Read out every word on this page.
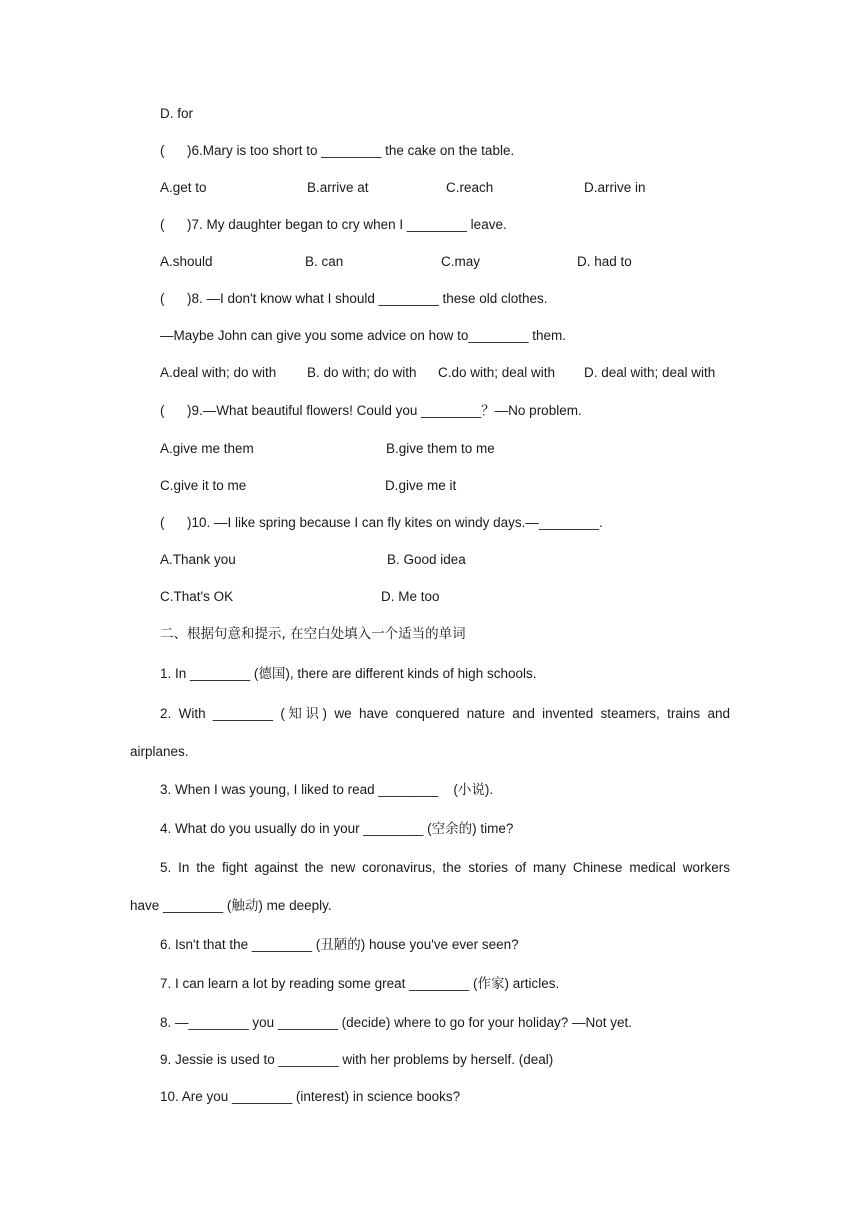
D. for
(      )6.Mary is too short to ________ the cake on the table.

A.get to

	B.arrive at

	C.reach

	D.arrive in

(      )7. My daughter began to cry when I ________ leave.

A.should

	B. can

	C.may

	D. had to

(      )8. —I don't know what I should ________ these old clothes.
—Maybe John can give you some advice on how to________ them.

A.deal with; do with

B. do with; do with

C.do with; deal with

D. deal with; deal with

(      )9.—What beautiful flowers! Could you ________？—No problem.

A.give me them

	B.give them to me

C.give it to me

	D.give me it

(      )10. —I like spring because I can fly kites on windy days.—________.

A.Thank you

	B. Good idea

C.That's OK

	D. Me too

二、根据句意和提示, 在空白处填入一个适当的单词
1. In ________ (德国), there are different kinds of high schools.
2. With ________ (知识) we have conquered nature and invented steamers, trains and
airplanes.
3. When I was young, I liked to read ________    (小说).
4. What do you usually do in your ________ (空余的) time?
5. In the fight against the new coronavirus, the stories of many Chinese medical workers
have ________ (触动) me deeply.
6. Isn't that the ________ (丑陋的) house you've ever seen?
7. I can learn a lot by reading some great ________ (作家) articles.
8. —________ you ________ (decide) where to go for your holiday? —Not yet.
9. Jessie is used to ________ with her problems by herself. (deal)
10. Are you ________ (interest) in science books?
